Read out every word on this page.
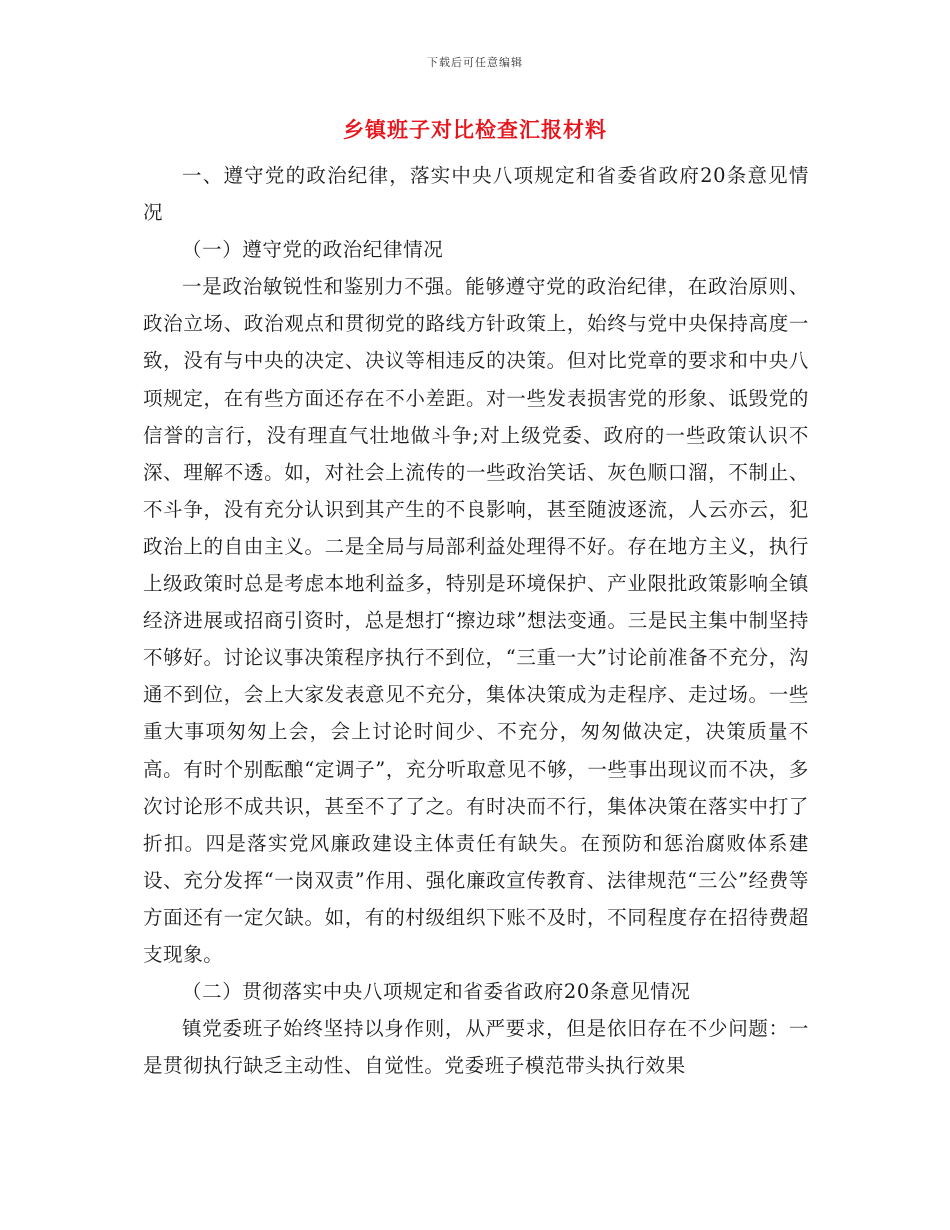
下载后可任意编辑
乡镇班子对比检查汇报材料

一、遵守党的政治纪律，落实中央八项规定和省委省政府20条意见情况

（一）遵守党的政治纪律情况

一是政治敏锐性和鉴别力不强。能够遵守党的政治纪律，在政治原则、政治立场、政治观点和贯彻党的路线方针政策上，始终与党中央保持高度一致，没有与中央的决定、决议等相违反的决策。但对比党章的要求和中央八项规定，在有些方面还存在不小差距。对一些发表损害党的形象、诋毁党的信誉的言行，没有理直气壮地做斗争;对上级党委、政府的一些政策认识不深、理解不透。如，对社会上流传的一些政治笑话、灰色顺口溜，不制止、不斗争，没有充分认识到其产生的不良影响，甚至随波逐流，人云亦云，犯政治上的自由主义。二是全局与局部利益处理得不好。存在地方主义，执行上级政策时总是考虑本地利益多，特别是环境保护、产业限批政策影响全镇经济进展或招商引资时，总是想打“擦边球”想法变通。三是民主集中制坚持不够好。讨论议事决策程序执行不到位，“三重一大”讨论前准备不充分，沟通不到位，会上大家发表意见不充分，集体决策成为走程序、走过场。一些重大事项匆匆上会，会上讨论时间少、不充分，匆匆做决定，决策质量不高。有时个别酝酿“定调子”，充分听取意见不够，一些事出现议而不决，多次讨论形不成共识，甚至不了了之。有时决而不行，集体决策在落实中打了折扣。四是落实党风廉政建设主体责任有缺失。在预防和惩治腐败体系建设、充分发挥“一岗双责”作用、强化廉政宣传教育、法律规范“三公”经费等方面还有一定欠缺。如，有的村级组织下账不及时，不同程度存在招待费超支现象。

（二）贯彻落实中央八项规定和省委省政府20条意见情况

镇党委班子始终坚持以身作则，从严要求，但是依旧存在不少问题：一是贯彻执行缺乏主动性、自觉性。党委班子模范带头执行效果
